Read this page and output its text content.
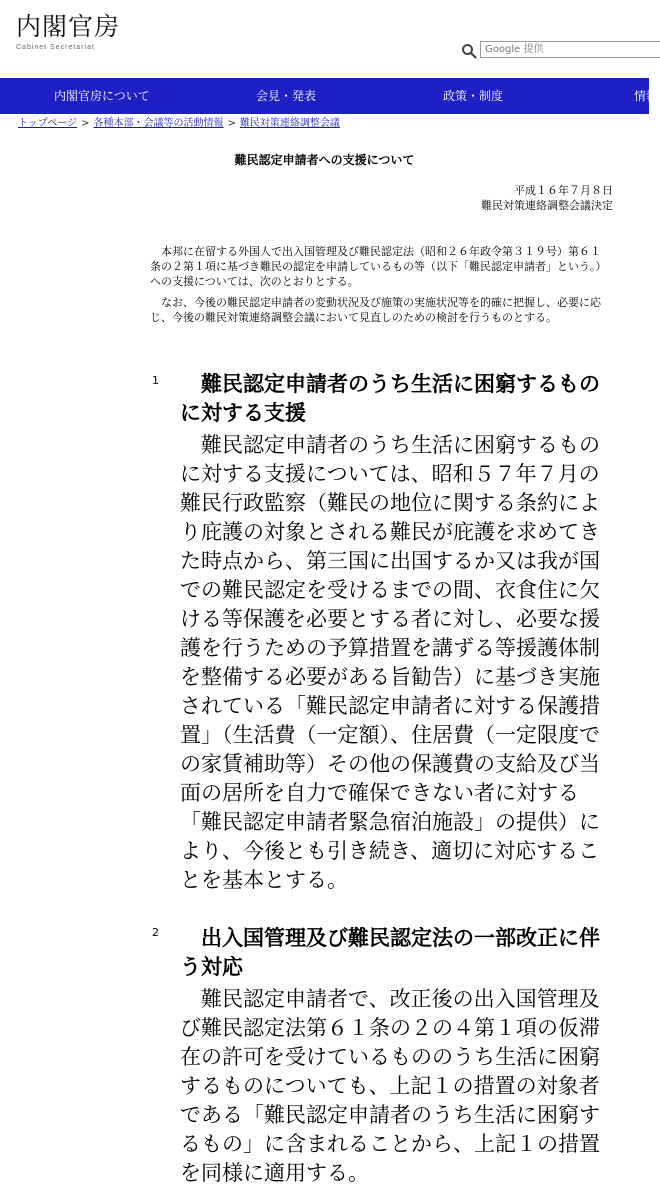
内閣官房
Cabinet Secretariat
Google 提供
内閣官房について	会見・発表	政策・制度	情報
トップページ > 各種本部・会議等の活動情報 > 難民対策連絡調整会議
難民認定申請者への支援について
平成１６年７月８日
難民対策連絡調整会議決定

本邦に在留する外国人で出入国管理及び難民認定法（昭和２６年政令第３１９号）第６１条の２第１項に基づき難民の認定を申請しているもの等（以下「難民認定申請者」という。）への支援については、次のとおりとする。

なお、今後の難民認定申請者の変動状況及び施策の実施状況等を的確に把握し、必要に応じ、今後の難民対策連絡調整会議において見直しのための検討を行うものとする。

1	難民認定申請者のうち生活に困窮するものに対する支援

難民認定申請者のうち生活に困窮するものに対する支援については、昭和５７年７月の難民行政監察（難民の地位に関する条約により庇護の対象とされる難民が庇護を求めてきた時点から、第三国に出国するか又は我が国での難民認定を受けるまでの間、衣食住に欠ける等保護を必要とする者に対し、必要な援護を行うための予算措置を講ずる等援護体制を整備する必要がある旨勧告）に基づき実施されている「難民認定申請者に対する保護措置」（生活費（一定額）、住居費（一定限度での家賃補助等）その他の保護費の支給及び当面の居所を自力で確保できない者に対する「難民認定申請者緊急宿泊施設」の提供）により、今後とも引き続き、適切に対応することを基本とする。

2	出入国管理及び難民認定法の一部改正に伴う対応

難民認定申請者で、改正後の出入国管理及び難民認定法第６１条の２の４第１項の仮滞在の許可を受けているもののうち生活に困窮するものについても、上記１の措置の対象者である「難民認定申請者のうち生活に困窮するもの」に含まれることから、上記１の措置を同様に適用する。
